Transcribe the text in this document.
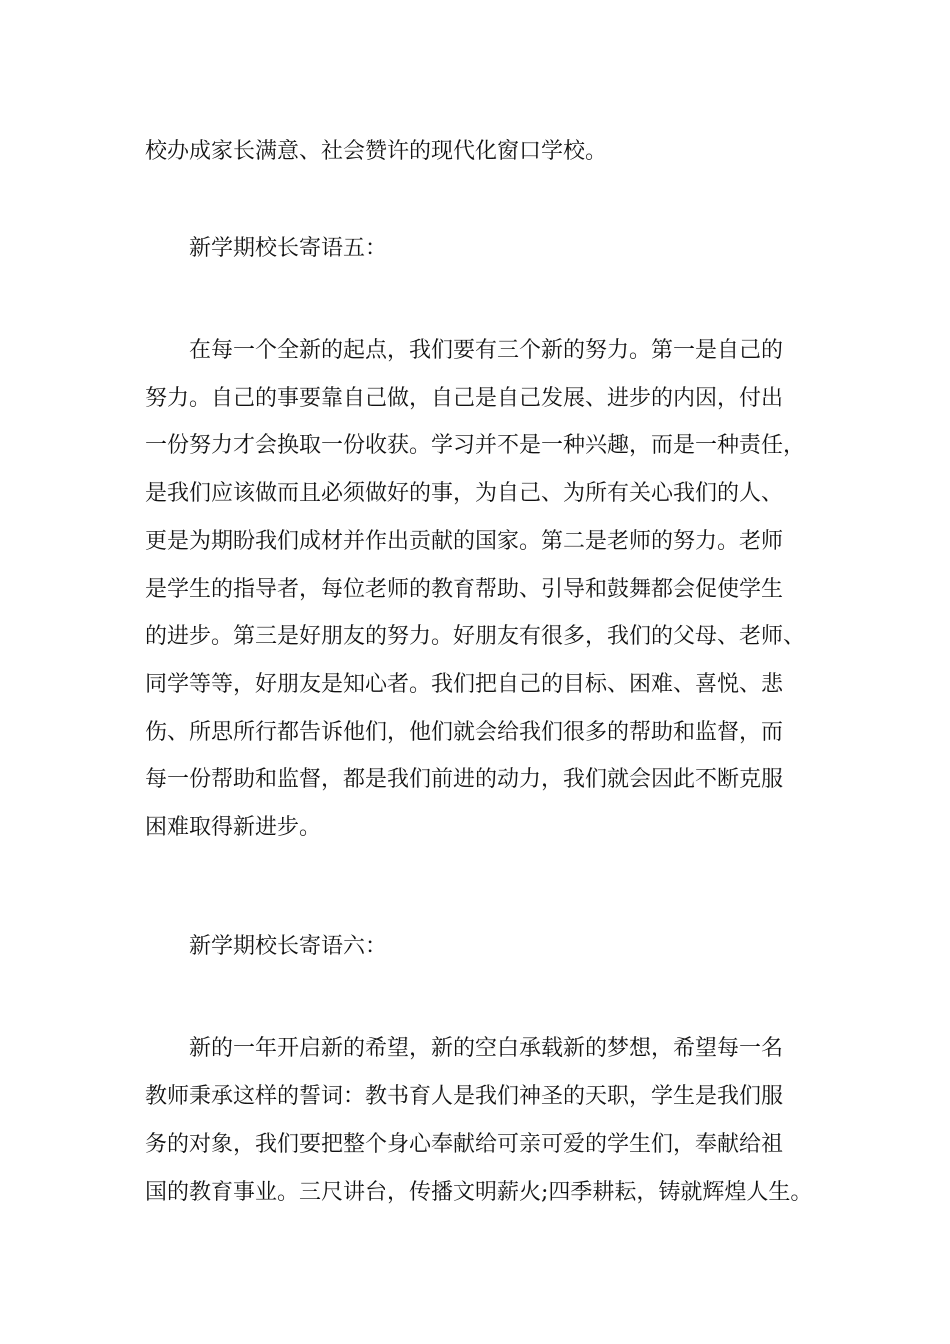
校办成家长满意、社会赞许的现代化窗口学校。
新学期校长寄语五：
在每一个全新的起点，我们要有三个新的努力。第一是自己的
努力。自己的事要靠自己做，自己是自己发展、进步的内因，付出
一份努力才会换取一份收获。学习并不是一种兴趣，而是一种责任，
是我们应该做而且必须做好的事，为自己、为所有关心我们的人、
更是为期盼我们成材并作出贡献的国家。第二是老师的努力。老师
是学生的指导者，每位老师的教育帮助、引导和鼓舞都会促使学生
的进步。第三是好朋友的努力。好朋友有很多，我们的父母、老师、
同学等等，好朋友是知心者。我们把自己的目标、困难、喜悦、悲
伤、所思所行都告诉他们，他们就会给我们很多的帮助和监督，而
每一份帮助和监督，都是我们前进的动力，我们就会因此不断克服
困难取得新进步。
新学期校长寄语六：
新的一年开启新的希望，新的空白承载新的梦想，希望每一名
教师秉承这样的誓词：教书育人是我们神圣的天职，学生是我们服
务的对象，我们要把整个身心奉献给可亲可爱的学生们，奉献给祖
国的教育事业。三尺讲台，传播文明薪火;四季耕耘，铸就辉煌人生。
